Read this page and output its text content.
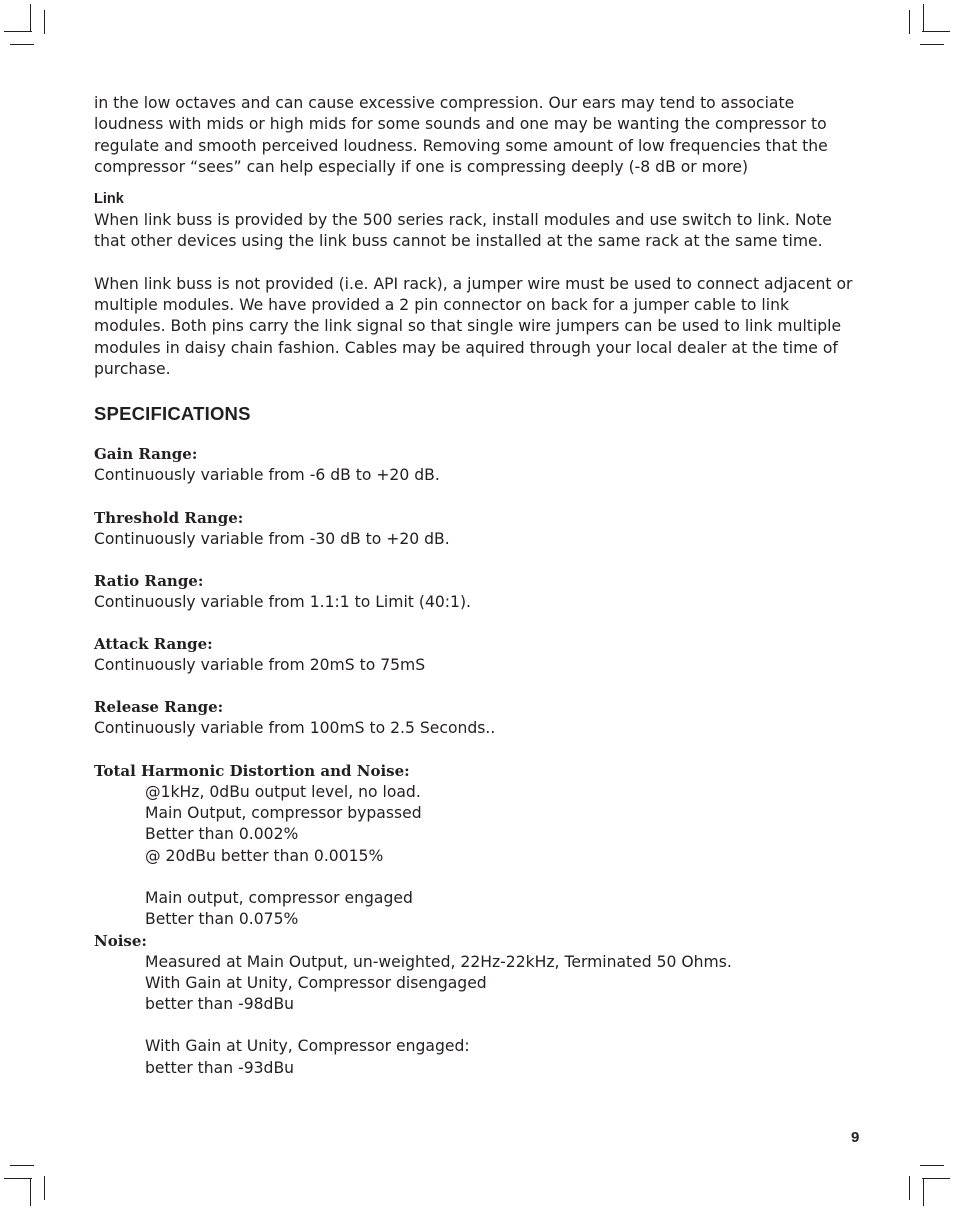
in the low octaves and can cause excessive compression. Our ears may tend to associate loudness with mids or high mids for some sounds and one may be wanting the compressor to regulate and smooth perceived loudness. Removing some amount of low frequencies that the compressor “sees” can help especially if one is compressing deeply (-8 dB or more)

Link

When link buss is provided by the 500 series rack, install modules and use switch to link. Note that other devices using the link buss cannot be installed at the same rack at the same time.

When link buss is not provided (i.e. API rack), a jumper wire must be used to connect adjacent or multiple modules. We have provided a 2 pin connector on back for a jumper cable to link modules. Both pins carry the link signal so that single wire jumpers can be used to link multiple modules in daisy chain fashion. Cables may be aquired through your local dealer at the time of purchase.

SPECIFICATIONS
Gain Range:

Continuously variable from -6 dB to +20 dB.

Threshold Range:

Continuously variable from -30 dB to +20 dB.

Ratio Range:

Continuously variable from 1.1:1 to Limit (40:1).

Attack Range:

Continuously variable from 20mS to 75mS

Release Range:

Continuously variable from 100mS to 2.5 Seconds..

Total Harmonic Distortion and Noise:

@1kHz, 0dBu output level, no load.

Main Output, compressor bypassed

Better than 0.002%

@ 20dBu better than 0.0015%

Main output, compressor engaged

Better than 0.075%

Noise:

Measured at Main Output, un-weighted, 22Hz-22kHz, Terminated 50 Ohms.

With Gain at Unity, Compressor disengaged

better than -98dBu

With Gain at Unity, Compressor engaged:

better than -93dBu

9
